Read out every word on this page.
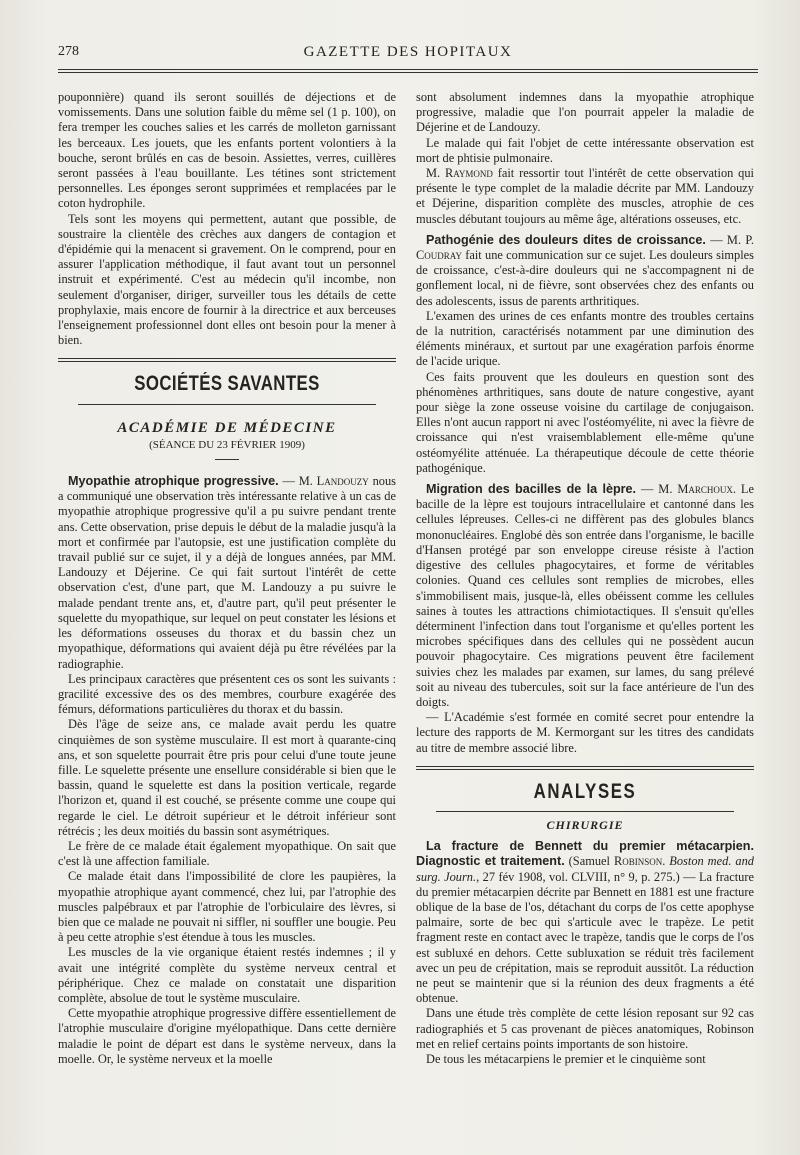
278	GAZETTE DES HOPITAUX

pouponnière) quand ils seront souillés de déjections et de vomissements. Dans une solution faible du même sel (1 p. 100), on fera tremper les couches salies et les carrés de molleton garnissant les berceaux. Les jouets, que les enfants portent volontiers à la bouche, seront brûlés en cas de besoin. Assiettes, verres, cuillères seront passées à l'eau bouillante. Les tétines sont strictement personnelles. Les éponges seront supprimées et remplacées par le coton hydrophile.

Tels sont les moyens qui permettent, autant que possible, de soustraire la clientèle des crèches aux dangers de contagion et d'épidémie qui la menacent si gravement. On le comprend, pour en assurer l'application méthodique, il faut avant tout un personnel instruit et expérimenté. C'est au médecin qu'il incombe, non seulement d'organiser, diriger, surveiller tous les détails de cette prophylaxie, mais encore de fournir à la directrice et aux berceuses l'enseignement professionnel dont elles ont besoin pour la mener à bien.

SOCIÉTÉS SAVANTES
ACADÉMIE DE MÉDECINE
(SÉANCE DU 23 FÉVRIER 1909)

Myopathie atrophique progressive. — M. Landouzy nous a communiqué une observation très intéressante relative à un cas de myopathie atrophique progressive qu'il a pu suivre pendant trente ans. Cette observation, prise depuis le début de la maladie jusqu'à la mort et confirmée par l'autopsie, est une justification complète du travail publié sur ce sujet, il y a déjà de longues années, par MM. Landouzy et Déjerine. Ce qui fait surtout l'intérêt de cette observation c'est, d'une part, que M. Landouzy a pu suivre le malade pendant trente ans, et, d'autre part, qu'il peut présenter le squelette du myopathique, sur lequel on peut constater les lésions et les déformations osseuses du thorax et du bassin chez un myopathique, déformations qui avaient déjà pu être révélées par la radiographie.

Les principaux caractères que présentent ces os sont les suivants : gracilité excessive des os des membres, courbure exagérée des fémurs, déformations particulières du thorax et du bassin.

Dès l'âge de seize ans, ce malade avait perdu les quatre cinquièmes de son système musculaire. Il est mort à quarante-cinq ans, et son squelette pourrait être pris pour celui d'une toute jeune fille. Le squelette présente une ensellure considérable si bien que le bassin, quand le squelette est dans la position verticale, regarde l'horizon et, quand il est couché, se présente comme une coupe qui regarde le ciel. Le détroit supérieur et le détroit inférieur sont rétrécis ; les deux moitiés du bassin sont asymétriques.

Le frère de ce malade était également myopathique. On sait que c'est là une affection familiale.

Ce malade était dans l'impossibilité de clore les paupières, la myopathie atrophique ayant commencé, chez lui, par l'atrophie des muscles palpébraux et par l'atrophie de l'orbiculaire des lèvres, si bien que ce malade ne pouvait ni siffler, ni souffler une bougie. Peu à peu cette atrophie s'est étendue à tous les muscles.

Les muscles de la vie organique étaient restés indemnes ; il y avait une intégrité complète du système nerveux central et périphérique. Chez ce malade on constatait une disparition complète, absolue de tout le système musculaire.

Cette myopathie atrophique progressive diffère essentiellement de l'atrophie musculaire d'origine myélopathique. Dans cette dernière maladie le point de départ est dans le système nerveux, dans la moelle. Or, le système nerveux et la moelle

sont absolument indemnes dans la myopathie atrophique progressive, maladie que l'on pourrait appeler la maladie de Déjerine et de Landouzy.

Le malade qui fait l'objet de cette intéressante observation est mort de phtisie pulmonaire.

M. Raymond fait ressortir tout l'intérêt de cette observation qui présente le type complet de la maladie décrite par MM. Landouzy et Déjerine, disparition complète des muscles, atrophie de ces muscles débutant toujours au même âge, altérations osseuses, etc.

Pathogénie des douleurs dites de croissance. — M. P. Coudray fait une communication sur ce sujet. Les douleurs simples de croissance, c'est-à-dire douleurs qui ne s'accompagnent ni de gonflement local, ni de fièvre, sont observées chez des enfants ou des adolescents, issus de parents arthritiques.

L'examen des urines de ces enfants montre des troubles certains de la nutrition, caractérisés notamment par une diminution des éléments minéraux, et surtout par une exagération parfois énorme de l'acide urique.

Ces faits prouvent que les douleurs en question sont des phénomènes arthritiques, sans doute de nature congestive, ayant pour siège la zone osseuse voisine du cartilage de conjugaison. Elles n'ont aucun rapport ni avec l'ostéomyélite, ni avec la fièvre de croissance qui n'est vraisemblablement elle-même qu'une ostéomyélite atténuée. La thérapeutique découle de cette théorie pathogénique.

Migration des bacilles de la lèpre. — M. Marchoux. Le bacille de la lèpre est toujours intracellulaire et cantonné dans les cellules lépreuses. Celles-ci ne diffèrent pas des globules blancs mononucléaires. Englobé dès son entrée dans l'organisme, le bacille d'Hansen protégé par son enveloppe cireuse résiste à l'action digestive des cellules phagocytaires, et forme de véritables colonies. Quand ces cellules sont remplies de microbes, elles s'immobilisent mais, jusque-là, elles obéissent comme les cellules saines à toutes les attractions chimiotactiques. Il s'ensuit qu'elles déterminent l'infection dans tout l'organisme et qu'elles portent les microbes spécifiques dans des cellules qui ne possèdent aucun pouvoir phagocytaire. Ces migrations peuvent être facilement suivies chez les malades par examen, sur lames, du sang prélevé soit au niveau des tubercules, soit sur la face antérieure de l'un des doigts.

— L'Académie s'est formée en comité secret pour entendre la lecture des rapports de M. Kermorgant sur les titres des candidats au titre de membre associé libre.

ANALYSES
CHIRURGIE

La fracture de Bennett du premier métacarpien. Diagnostic et traitement. (Samuel Robinson. Boston med. and surg. Journ., 27 fév 1908, vol. CLVIII, n° 9, p. 275.) — La fracture du premier métacarpien décrite par Bennett en 1881 est une fracture oblique de la base de l'os, détachant du corps de l'os cette apophyse palmaire, sorte de bec qui s'articule avec le trapèze. Le petit fragment reste en contact avec le trapèze, tandis que le corps de l'os est subluxé en dehors. Cette subluxation se réduit très facilement avec un peu de crépitation, mais se reproduit aussitôt. La réduction ne peut se maintenir que si la réunion des deux fragments a été obtenue.

Dans une étude très complète de cette lésion reposant sur 92 cas radiographiés et 5 cas provenant de pièces anatomiques, Robinson met en relief certains points importants de son histoire.

De tous les métacarpiens le premier et le cinquième sont
